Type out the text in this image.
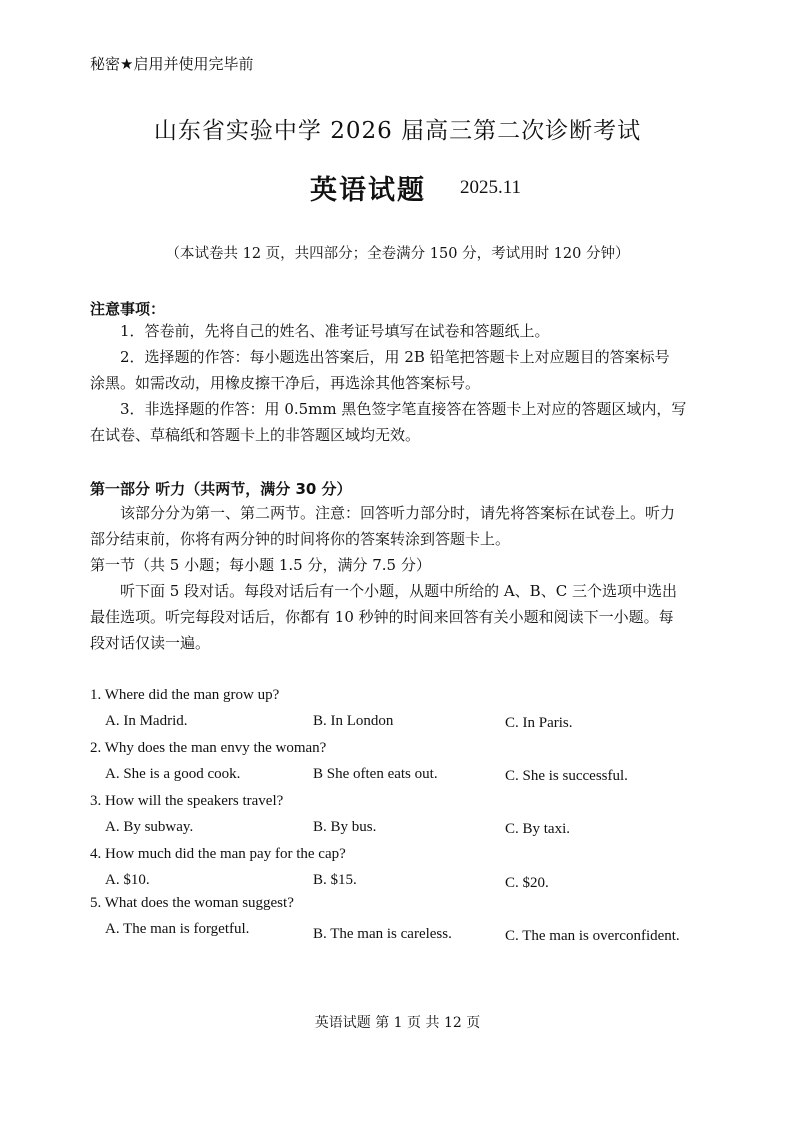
秘密★启用并使用完毕前
山东省实验中学 2026 届高三第二次诊断考试
英语试题 2025.11
（本试卷共 12 页，共四部分；全卷满分 150 分，考试用时 120 分钟）
注意事项：
1．答卷前，先将自己的姓名、准考证号填写在试卷和答题纸上。
2．选择题的作答：每小题选出答案后，用 2B 铅笔把答题卡上对应题目的答案标号
涂黑。如需改动，用橡皮擦干净后，再选涂其他答案标号。
3．非选择题的作答：用 0.5mm 黑色签字笔直接答在答题卡上对应的答题区域内，写
在试卷、草稿纸和答题卡上的非答题区域均无效。
第一部分 听力（共两节，满分 30 分）
该部分分为第一、第二两节。注意：回答听力部分时，请先将答案标在试卷上。听力
部分结束前，你将有两分钟的时间将你的答案转涂到答题卡上。
第一节（共 5 小题；每小题 1.5 分，满分 7.5 分）
听下面 5 段对话。每段对话后有一个小题，从题中所给的 A、B、C 三个选项中选出
最佳选项。听完每段对话后，你都有 10 秒钟的时间来回答有关小题和阅读下一小题。每
段对话仅读一遍。
1. Where did the man grow up?
A. In Madrid.	B. In London	C. In Paris.
2. Why does the man envy the woman?
A. She is a good cook.	B She often eats out.	C. She is successful.
3. How will the speakers travel?
A. By subway.	B. By bus.	C. By taxi.
4. How much did the man pay for the cap?
A. $10.	B. $15.	C. $20.
5. What does the woman suggest?
A. The man is forgetful.	B. The man is careless.	C. The man is overconfident.
英语试题 第 1 页 共 12 页
